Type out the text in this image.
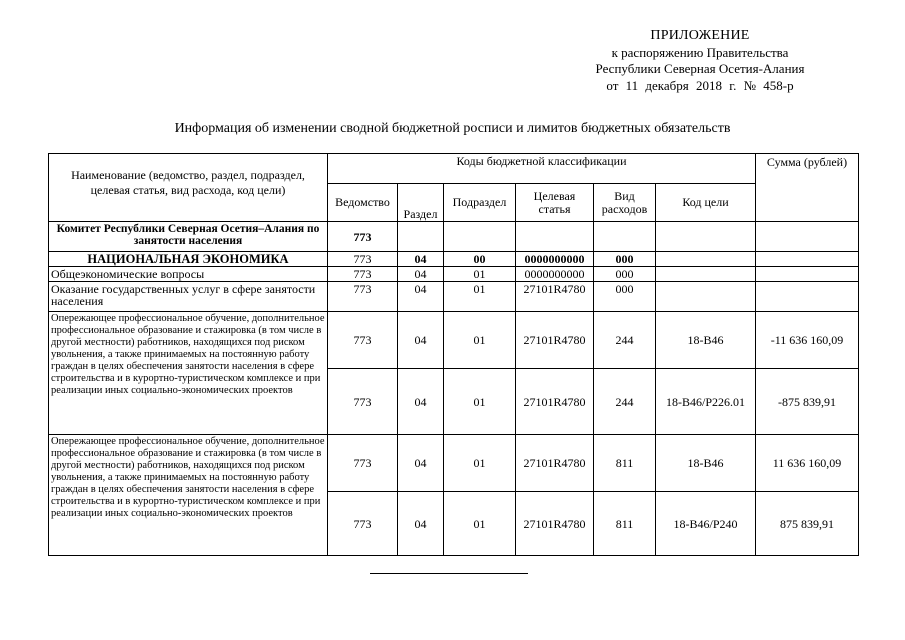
ПРИЛОЖЕНИЕ
к распоряжению Правительства
Республики Северная Осетия-Алания
от 11 декабря 2018 г. № 458-р
Информация об изменении сводной бюджетной росписи и лимитов бюджетных обязательств
Наименование (ведомство, раздел, подраздел, целевая статья, вид расхода, код цели)	Коды бюджетной классификации						Сумма (рублей)
	Ведомство	Раздел	Подраздел	Целевая статья	Вид расходов	Код цели	
Комитет Республики Северная Осетия–Алания по занятости населения	773						
НАЦИОНАЛЬНАЯ ЭКОНОМИКА	773	04	00	0000000000	000		
Общеэкономические вопросы	773	04	01	0000000000	000		
Оказание государственных услуг в сфере занятости населения	773	04	01	27101R4780	000		
Опережающее профессиональное обучение, дополнительное профессиональное образование и стажировка (в том числе в другой местности) работников, находящихся под риском увольнения, а также принимаемых на постоянную работу граждан в целях обеспечения занятости населения в сфере строительства и в курортно-туристическом комплексе и при реализации иных социально-экономических проектов	773	04	01	27101R4780	244	18-B46	-11 636 160,09
	773	04	01	27101R4780	244	18-B46/P226.01	-875 839,91
Опережающее профессиональное обучение, дополнительное профессиональное образование и стажировка (в том числе в другой местности) работников, находящихся под риском увольнения, а также принимаемых на постоянную работу граждан в целях обеспечения занятости населения в сфере строительства и в курортно-туристическом комплексе и при реализации иных социально-экономических проектов	773	04	01	27101R4780	811	18-B46	11 636 160,09
	773	04	01	27101R4780	811	18-B46/P240	875 839,91
